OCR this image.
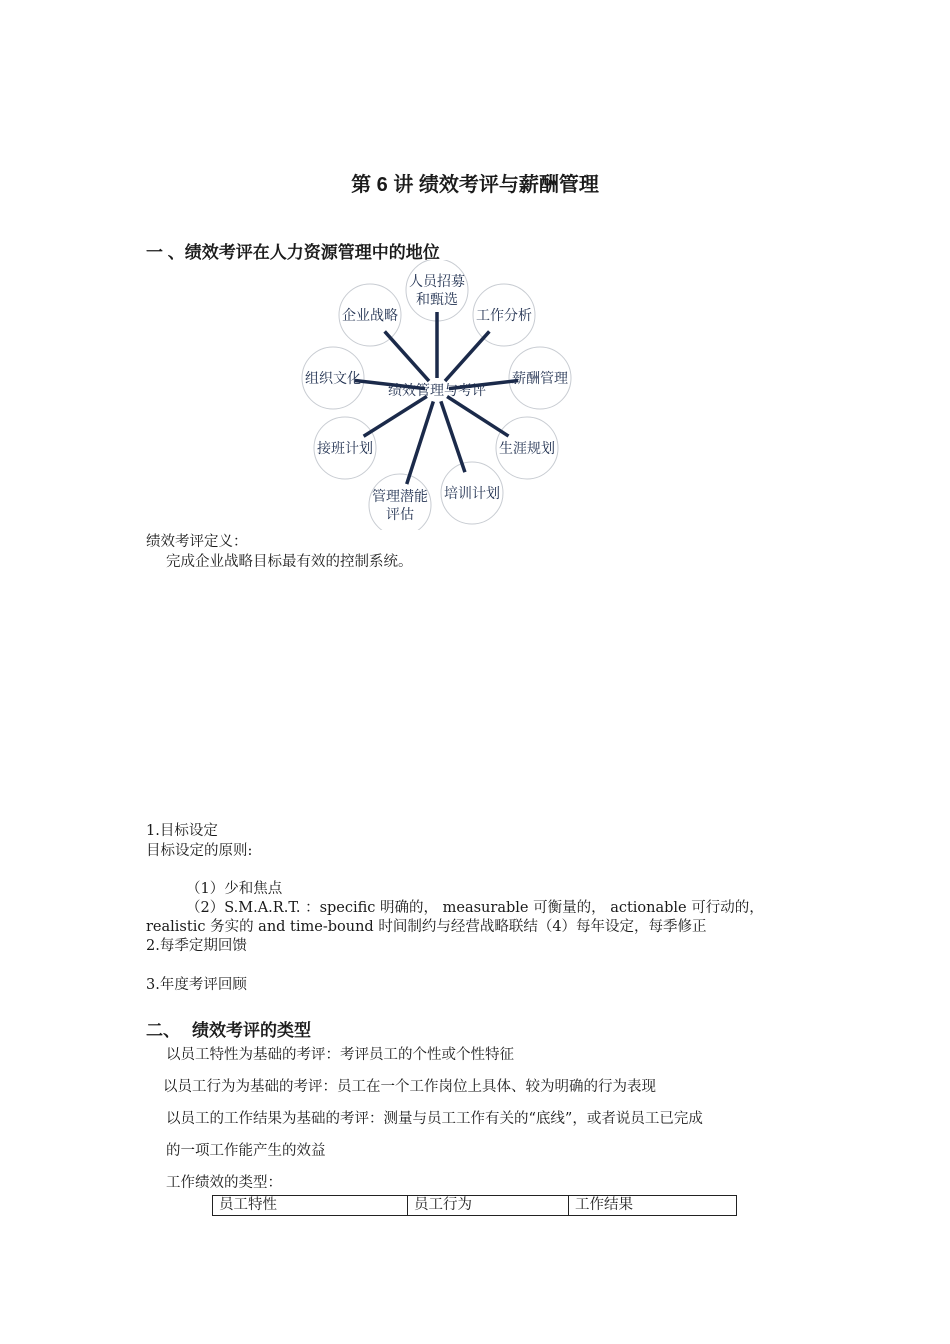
第 6 讲 绩效考评与薪酬管理
一 、绩效考评在人力资源管理中的地位
绩效管理与考评
人员招募
和甄选
工作分析
薪酬管理
生涯规划
培训计划
管理潜能
评估
接班计划
组织文化
企业战略
绩效考评定义：
完成企业战略目标最有效的控制系统。
1.目标设定
目标设定的原则:
（1）少和焦点
（2）S.M.A.R.T. ：specific 明确的， measurable 可衡量的， actionable 可行动的，
realistic 务实的 and time-bound 时间制约与经营战略联结（4）每年设定，每季修正
2.每季定期回馈
3.年度考评回顾
二、 绩效考评的类型
以员工特性为基础的考评：考评员工的个性或个性特征
以员工行为为基础的考评：员工在一个工作岗位上具体、较为明确的行为表现
以员工的工作结果为基础的考评：测量与员工工作有关的“底线”，或者说员工已完成
的一项工作能产生的效益
工作绩效的类型：
员工特性	员工行为	工作结果
